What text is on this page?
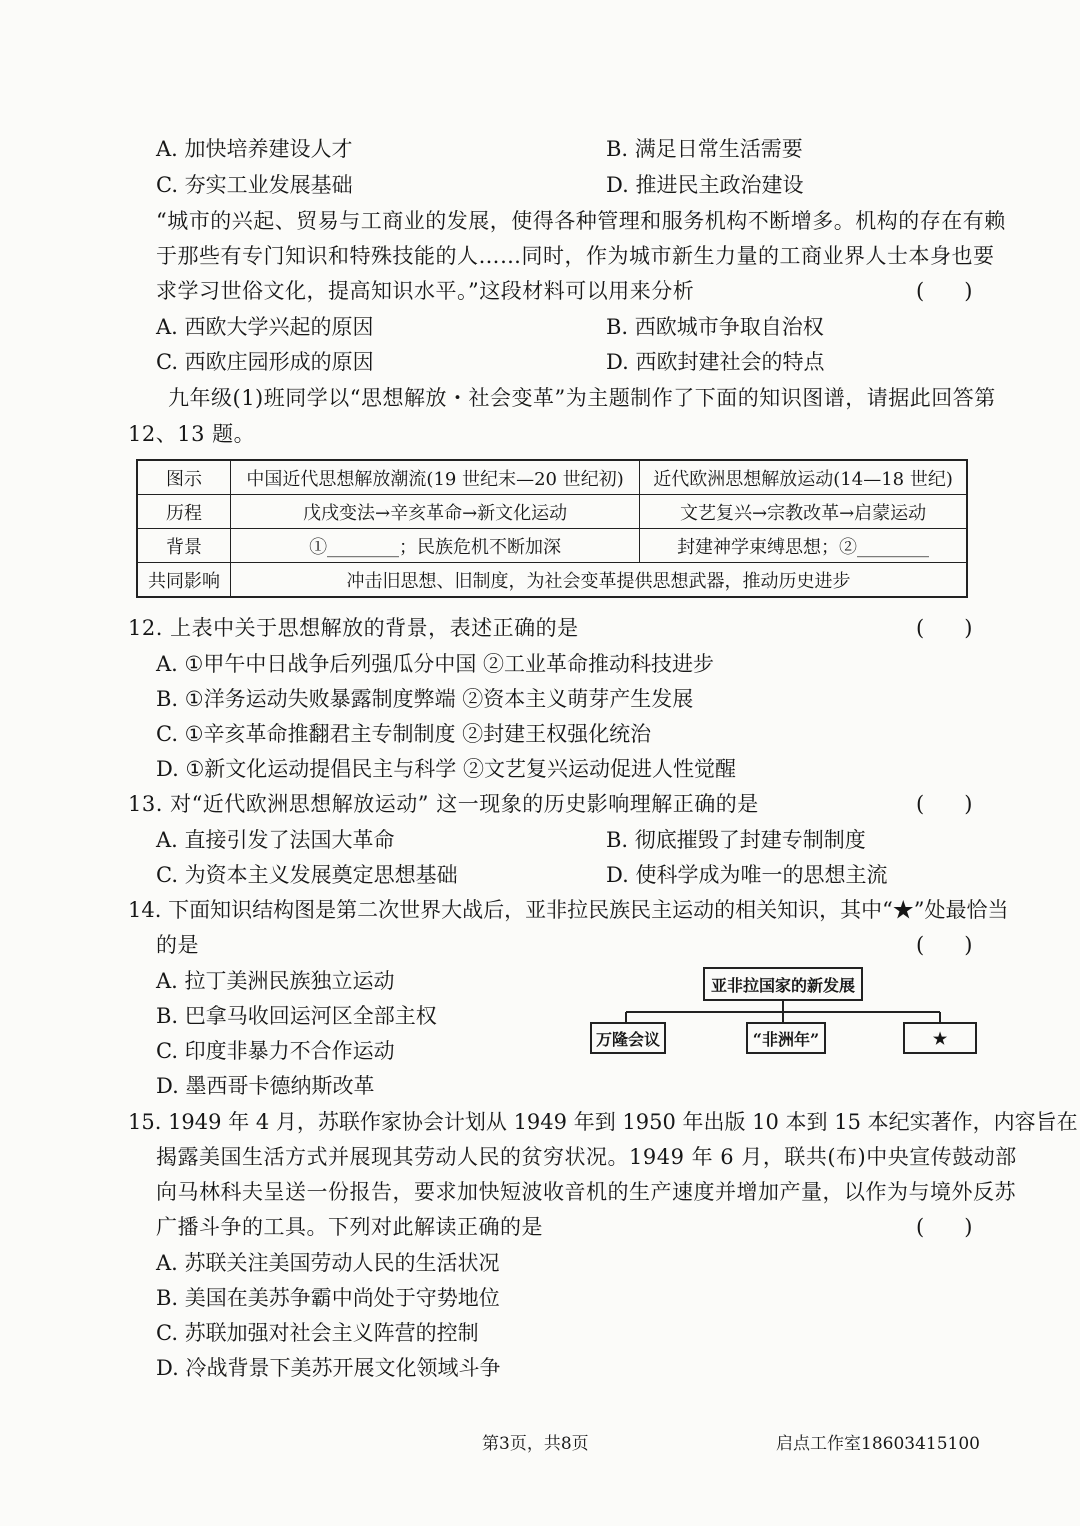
A. 加快培养建设人才	B. 满足日常生活需要
C. 夯实工业发展基础	D. 推进民主政治建设
“城市的兴起、贸易与工商业的发展，使得各种管理和服务机构不断增多。机构的存在有赖
于那些有专门知识和特殊技能的人……同时，作为城市新生力量的工商业界人士本身也要
求学习世俗文化，提高知识水平。”这段材料可以用来分析	(      )
A. 西欧大学兴起的原因	B. 西欧城市争取自治权
C. 西欧庄园形成的原因	D. 西欧封建社会的特点
九年级(1)班同学以“思想解放・社会变革”为主题制作了下面的知识图谱，请据此回答第
12、13 题。
图示	中国近代思想解放潮流(19 世纪末—20 世纪初)	近代欧洲思想解放运动(14—18 世纪)
历程	戊戌变法→辛亥革命→新文化运动	文艺复兴→宗教改革→启蒙运动
背景	①________；民族危机不断加深	封建神学束缚思想；②________
共同影响	冲击旧思想、旧制度，为社会变革提供思想武器，推动历史进步	
12. 上表中关于思想解放的背景，表述正确的是	(      )
A. ①甲午中日战争后列强瓜分中国 ②工业革命推动科技进步
B. ①洋务运动失败暴露制度弊端 ②资本主义萌芽产生发展
C. ①辛亥革命推翻君主专制制度 ②封建王权强化统治
D. ①新文化运动提倡民主与科学 ②文艺复兴运动促进人性觉醒
13. 对“近代欧洲思想解放运动” 这一现象的历史影响理解正确的是	(      )
A. 直接引发了法国大革命	B. 彻底摧毁了封建专制制度
C. 为资本主义发展奠定思想基础	D. 使科学成为唯一的思想主流
14. 下面知识结构图是第二次世界大战后，亚非拉民族民主运动的相关知识，其中“★”处最恰当
的是	(      )
A. 拉丁美洲民族独立运动
B. 巴拿马收回运河区全部主权
C. 印度非暴力不合作运动
D. 墨西哥卡德纳斯改革
亚非拉国家的新发展
万隆会议	“非洲年”	★
15. 1949 年 4 月，苏联作家协会计划从 1949 年到 1950 年出版 10 本到 15 本纪实著作，内容旨在
揭露美国生活方式并展现其劳动人民的贫穷状况。1949 年 6 月，联共(布)中央宣传鼓动部
向马林科夫呈送一份报告，要求加快短波收音机的生产速度并增加产量，以作为与境外反苏
广播斗争的工具。下列对此解读正确的是	(      )
A. 苏联关注美国劳动人民的生活状况
B. 美国在美苏争霸中尚处于守势地位
C. 苏联加强对社会主义阵营的控制
D. 冷战背景下美苏开展文化领域斗争
第3页，共8页	启点工作室18603415100
